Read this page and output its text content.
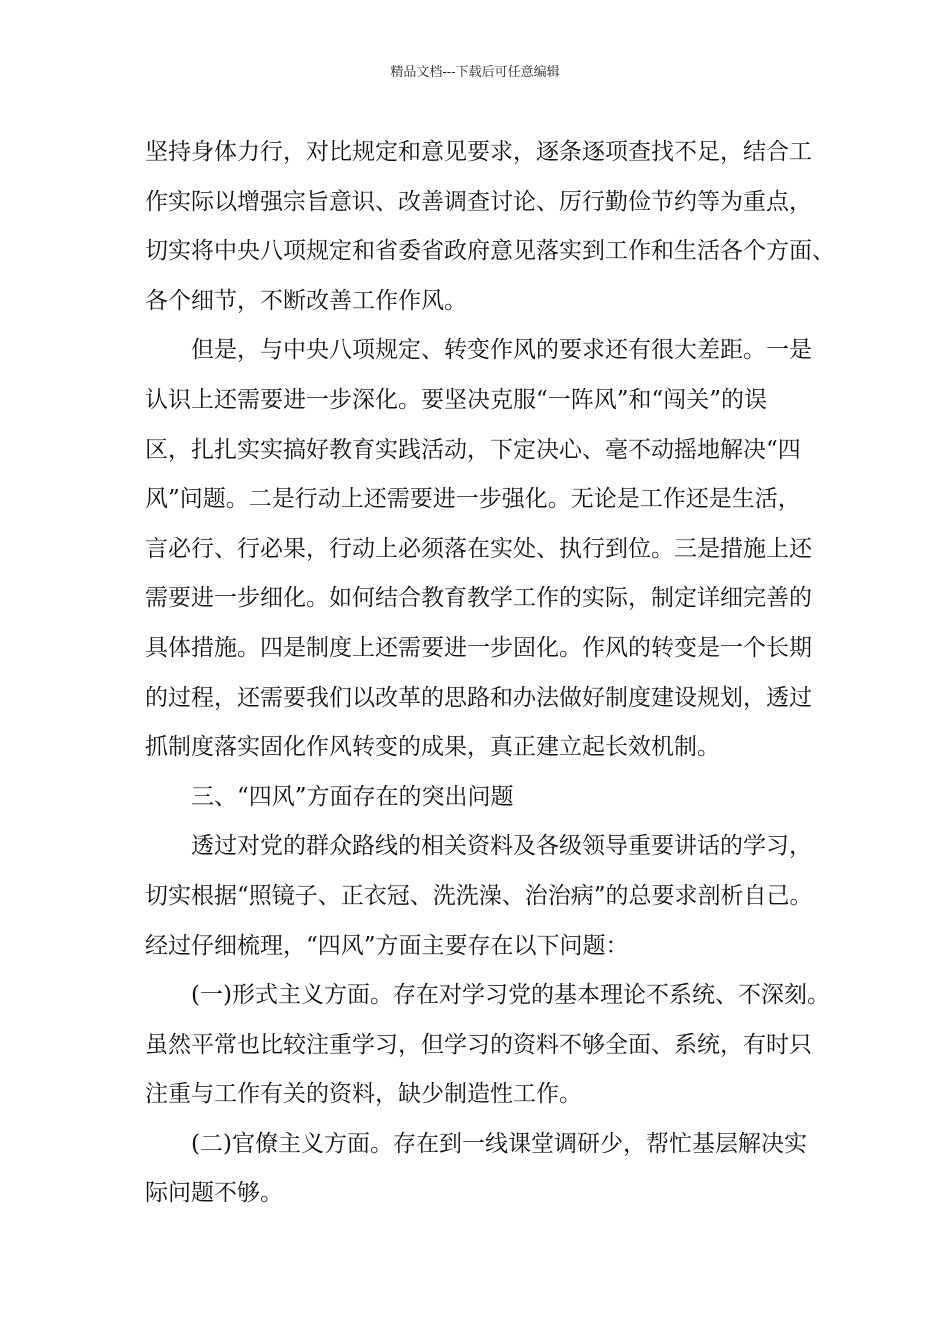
精品文档---下载后可任意编辑
坚持身体力行，对比规定和意见要求，逐条逐项查找不足，结合工
作实际以增强宗旨意识、改善调查讨论、厉行勤俭节约等为重点，
切实将中央八项规定和省委省政府意见落实到工作和生活各个方面、
各个细节，不断改善工作作风。
但是，与中央八项规定、转变作风的要求还有很大差距。一是
认识上还需要进一步深化。要坚决克服“一阵风”和“闯关”的误
区，扎扎实实搞好教育实践活动，下定决心、毫不动摇地解决“四
风”问题。二是行动上还需要进一步强化。无论是工作还是生活，
言必行、行必果，行动上必须落在实处、执行到位。三是措施上还
需要进一步细化。如何结合教育教学工作的实际，制定详细完善的
具体措施。四是制度上还需要进一步固化。作风的转变是一个长期
的过程，还需要我们以改革的思路和办法做好制度建设规划，透过
抓制度落实固化作风转变的成果，真正建立起长效机制。
三、“四风”方面存在的突出问题
透过对党的群众路线的相关资料及各级领导重要讲话的学习，
切实根据“照镜子、正衣冠、洗洗澡、治治病”的总要求剖析自己。
经过仔细梳理，“四风”方面主要存在以下问题：
(一)形式主义方面。存在对学习党的基本理论不系统、不深刻。
虽然平常也比较注重学习，但学习的资料不够全面、系统，有时只
注重与工作有关的资料，缺少制造性工作。
(二)官僚主义方面。存在到一线课堂调研少，帮忙基层解决实
际问题不够。
